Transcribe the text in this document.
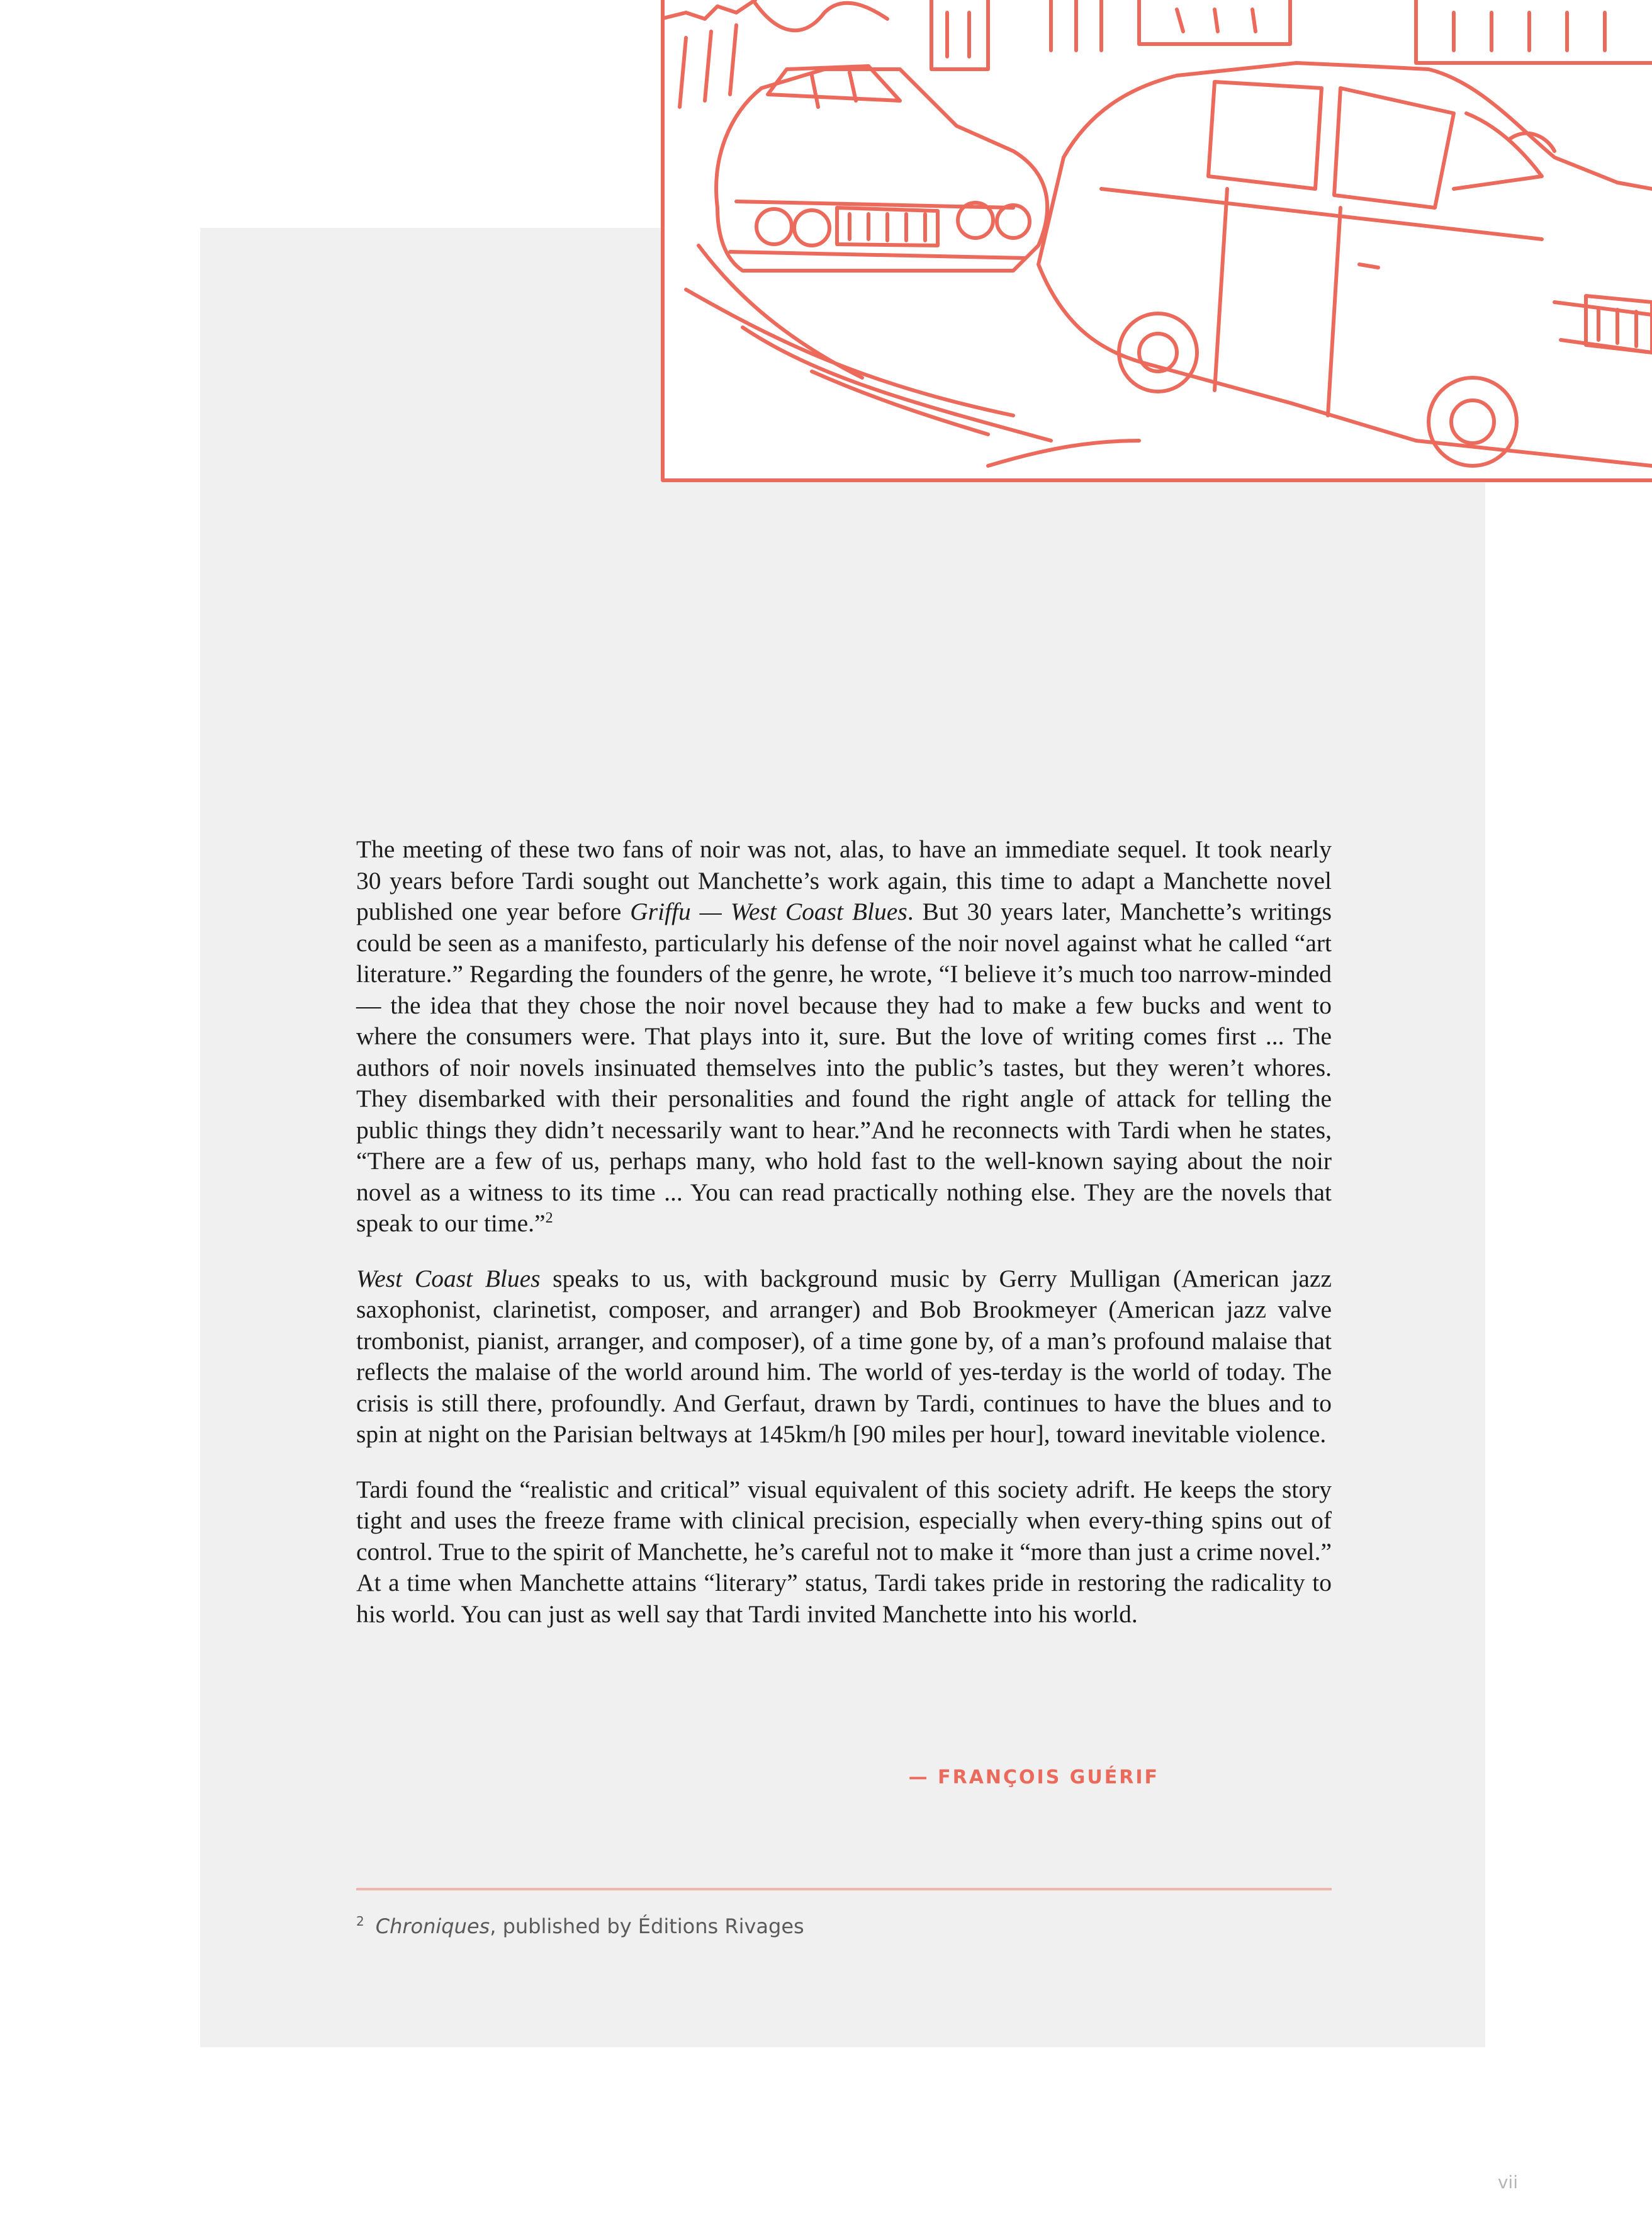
The meeting of these two fans of noir was not, alas, to have an immediate sequel. It took nearly 30 years before Tardi sought out Manchette’s work again, this time to adapt a Manchette novel published one year before Griffu — West Coast Blues. But 30 years later, Manchette’s writings could be seen as a manifesto, particularly his defense of the noir novel against what he called “art literature.” Regarding the founders of the genre, he wrote, “I believe it’s much too narrow-minded — the idea that they chose the noir novel because they had to make a few bucks and went to where the consumers were. That plays into it, sure. But the love of writing comes first ... The authors of noir novels insinuated themselves into the public’s tastes, but they weren’t whores. They disembarked with their personalities and found the right angle of attack for telling the public things they didn’t necessarily want to hear.”And he reconnects with Tardi when he states, “There are a few of us, perhaps many, who hold fast to the well-known saying about the noir novel as a witness to its time ... You can read practically nothing else. They are the novels that speak to our time.”$^2$

West Coast Blues speaks to us, with background music by Gerry Mulligan (American jazz saxophonist, clarinetist, composer, and arranger) and Bob Brookmeyer (American jazz valve trombonist, pianist, arranger, and composer), of a time gone by, of a man’s profound malaise that reflects the malaise of the world around him. The world of yes-terday is the world of today. The crisis is still there, profoundly. And Gerfaut, drawn by Tardi, continues to have the blues and to spin at night on the Parisian beltways at 145km/h [90 miles per hour], toward inevitable violence.

Tardi found the “realistic and critical” visual equivalent of this society adrift. He keeps the story tight and uses the freeze frame with clinical precision, especially when every-thing spins out of control. True to the spirit of Manchette, he’s careful not to make it “more than just a crime novel.” At a time when Manchette attains “literary” status, Tardi takes pride in restoring the radicality to his world. You can just as well say that Tardi invited Manchette into his world.

— FRANÇOIS GUÉRIF
$^2$ Chroniques, published by Éditions Rivages
vii
